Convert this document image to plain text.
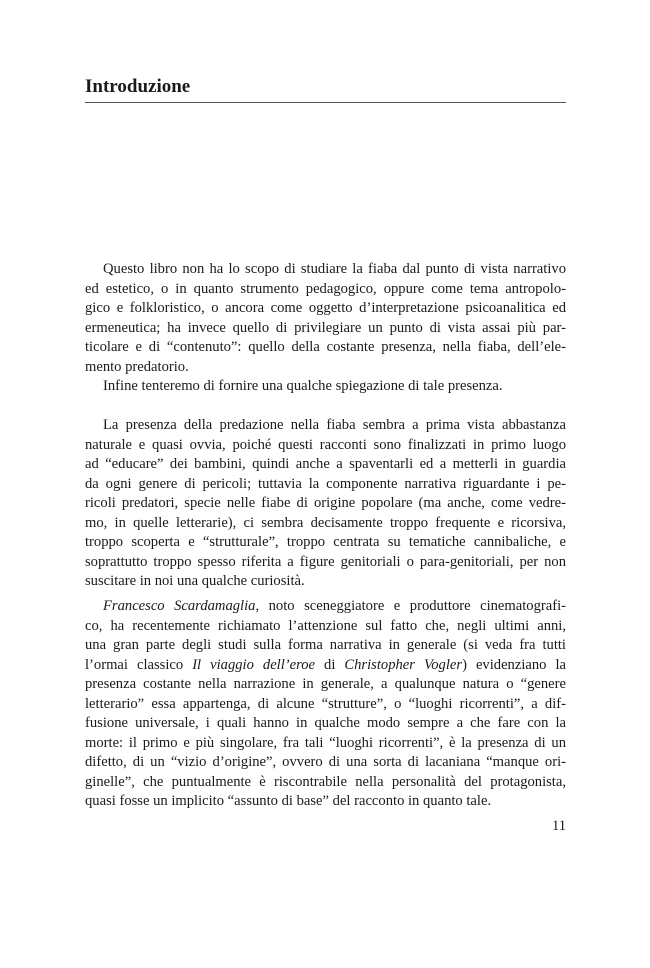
Introduzione
Questo libro non ha lo scopo di studiare la fiaba dal punto di vista narrativo
ed estetico, o in quanto strumento pedagogico, oppure come tema antropolo-
gico e folkloristico, o ancora come oggetto d’interpretazione psicoanalitica ed
ermeneutica; ha invece quello di privilegiare un punto di vista assai più par-
ticolare e di “contenuto”: quello della costante presenza, nella fiaba, dell’ele-
mento predatorio.
Infine tenteremo di fornire una qualche spiegazione di tale presenza.
La presenza della predazione nella fiaba sembra a prima vista abbastanza
naturale e quasi ovvia, poiché questi racconti sono finalizzati in primo luogo
ad “educare” dei bambini, quindi anche a spaventarli ed a metterli in guardia
da ogni genere di pericoli; tuttavia la componente narrativa riguardante i pe-
ricoli predatori, specie nelle fiabe di origine popolare (ma anche, come vedre-
mo, in quelle letterarie), ci sembra decisamente troppo frequente e ricorsiva,
troppo scoperta e “strutturale”, troppo centrata su tematiche cannibaliche, e
soprattutto troppo spesso riferita a figure genitoriali o para-genitoriali, per non
suscitare in noi una qualche curiosità.
Francesco Scardamaglia, noto sceneggiatore e produttore cinematografi-
co, ha recentemente richiamato l’attenzione sul fatto che, negli ultimi anni,
una gran parte degli studi sulla forma narrativa in generale (si veda fra tutti
l’ormai classico Il viaggio dell’eroe di Christopher Vogler) evidenziano la
presenza costante nella narrazione in generale, a qualunque natura o “genere
letterario” essa appartenga, di alcune “strutture”, o “luoghi ricorrenti”, a dif-
fusione universale, i quali hanno in qualche modo sempre a che fare con la
morte: il primo e più singolare, fra tali “luoghi ricorrenti”, è la presenza di un
difetto, di un “vizio d’origine”, ovvero di una sorta di lacaniana “manque ori-
ginelle”, che puntualmente è riscontrabile nella personalità del protagonista,
quasi fosse un implicito “assunto di base” del racconto in quanto tale.
11
